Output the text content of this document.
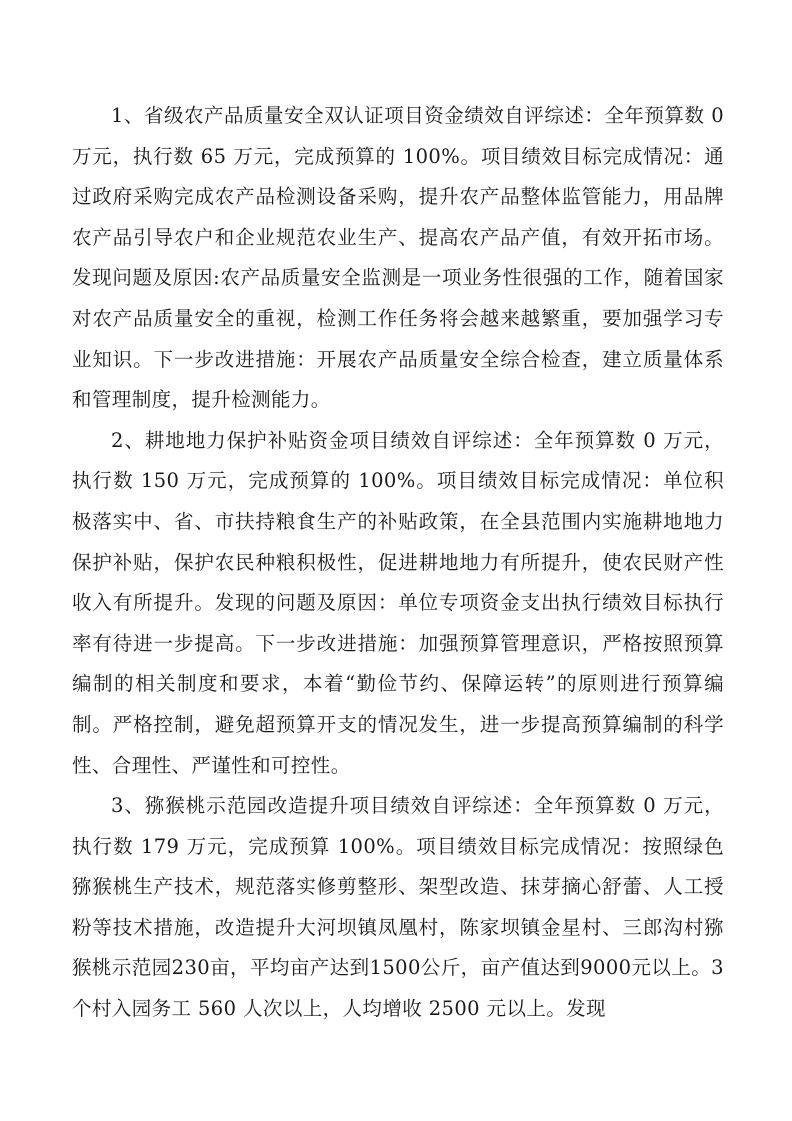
1、省级农产品质量安全双认证项目资金绩效自评综述：全年预算数 0 万元，执行数 65 万元，完成预算的 100%。项目绩效目标完成情况：通过政府采购完成农产品检测设备采购，提升农产品整体监管能力，用品牌农产品引导农户和企业规范农业生产、提高农产品产值，有效开拓市场。发现问题及原因:农产品质量安全监测是一项业务性很强的工作，随着国家对农产品质量安全的重视，检测工作任务将会越来越繁重，要加强学习专业知识。下一步改进措施：开展农产品质量安全综合检查，建立质量体系和管理制度，提升检测能力。

2、耕地地力保护补贴资金项目绩效自评综述：全年预算数 0 万元，执行数 150 万元，完成预算的 100%。项目绩效目标完成情况：单位积极落实中、省、市扶持粮食生产的补贴政策，在全县范围内实施耕地地力保护补贴，保护农民种粮积极性，促进耕地地力有所提升，使农民财产性收入有所提升。发现的问题及原因：单位专项资金支出执行绩效目标执行率有待进一步提高。下一步改进措施：加强预算管理意识，严格按照预算编制的相关制度和要求，本着“勤俭节约、保障运转”的原则进行预算编制。严格控制，避免超预算开支的情况发生，进一步提高预算编制的科学性、合理性、严谨性和可控性。

3、猕猴桃示范园改造提升项目绩效自评综述：全年预算数 0 万元，执行数 179 万元，完成预算 100%。项目绩效目标完成情况：按照绿色猕猴桃生产技术，规范落实修剪整形、架型改造、抹芽摘心舒蕾、人工授粉等技术措施，改造提升大河坝镇凤凰村，陈家坝镇金星村、三郎沟村猕猴桃示范园230亩，平均亩产达到1500公斤，亩产值达到9000元以上。3 个村入园务工 560 人次以上，人均增收 2500 元以上。发现
